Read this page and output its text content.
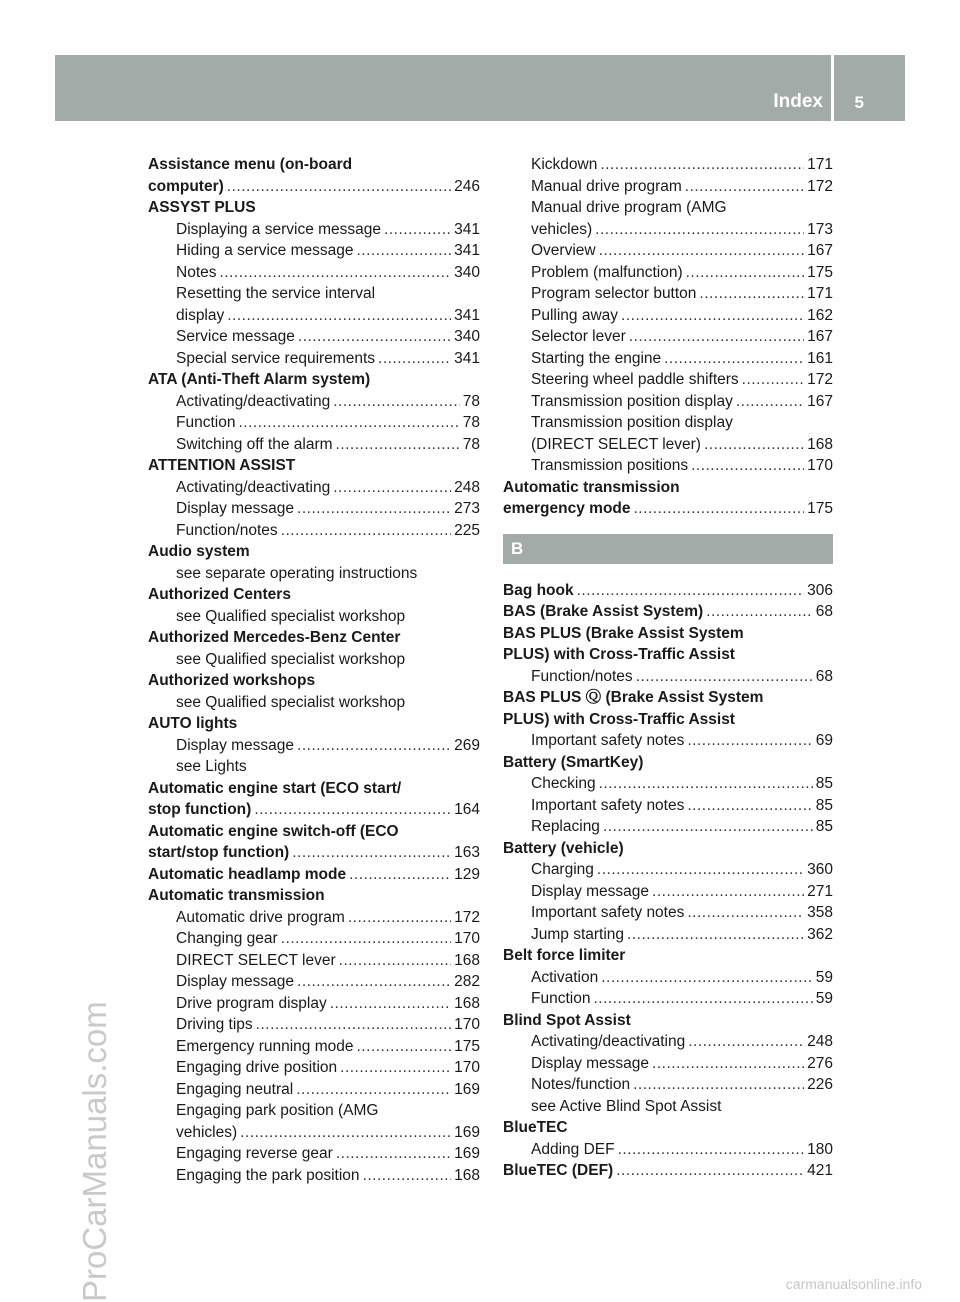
Index 5
ProCarManuals.com	carmanualsonline.info
Assistance menu (on-board
computer) .....	246
ASSYST PLUS
Displaying a service message .....	341
Hiding a service message .....	341
Notes .....	340
Resetting the service interval
display .....	341
Service message .....	340
Special service requirements .....	341
ATA (Anti-Theft Alarm system)
Activating/deactivating .....	78
Function .....	78
Switching off the alarm .....	78
ATTENTION ASSIST
Activating/deactivating .....	248
Display message .....	273
Function/notes .....	225
Audio system
see separate operating instructions
Authorized Centers
see Qualified specialist workshop
Authorized Mercedes-Benz Center
see Qualified specialist workshop
Authorized workshops
see Qualified specialist workshop
AUTO lights
Display message .....	269
see Lights
Automatic engine start (ECO start/
stop function) .....	164
Automatic engine switch-off (ECO
start/stop function) .....	163
Automatic headlamp mode .....	129
Automatic transmission
Automatic drive program .....	172
Changing gear .....	170
DIRECT SELECT lever .....	168
Display message .....	282
Drive program display .....	168
Driving tips .....	170
Emergency running mode .....	175
Engaging drive position .....	170
Engaging neutral .....	169
Engaging park position (AMG
vehicles) .....	169
Engaging reverse gear .....	169
Engaging the park position .....	168
Kickdown .....	171
Manual drive program .....	172
Manual drive program (AMG
vehicles) .....	173
Overview .....	167
Problem (malfunction) .....	175
Program selector button .....	171
Pulling away .....	162
Selector lever .....	167
Starting the engine .....	161
Steering wheel paddle shifters .....	172
Transmission position display .....	167
Transmission position display
(DIRECT SELECT lever) .....	168
Transmission positions .....	170
Automatic transmission
emergency mode .....	175
B
Bag hook .....	306
BAS (Brake Assist System) .....	68
BAS PLUS (Brake Assist System
PLUS) with Cross-Traffic Assist
Function/notes .....	68
BAS PLUS Ⓠ (Brake Assist System
PLUS) with Cross-Traffic Assist
Important safety notes .....	69
Battery (SmartKey)
Checking .....	85
Important safety notes .....	85
Replacing .....	85
Battery (vehicle)
Charging .....	360
Display message .....	271
Important safety notes .....	358
Jump starting .....	362
Belt force limiter
Activation .....	59
Function .....	59
Blind Spot Assist
Activating/deactivating .....	248
Display message .....	276
Notes/function .....	226
see Active Blind Spot Assist
BlueTEC
Adding DEF .....	180
BlueTEC (DEF) .....	421
